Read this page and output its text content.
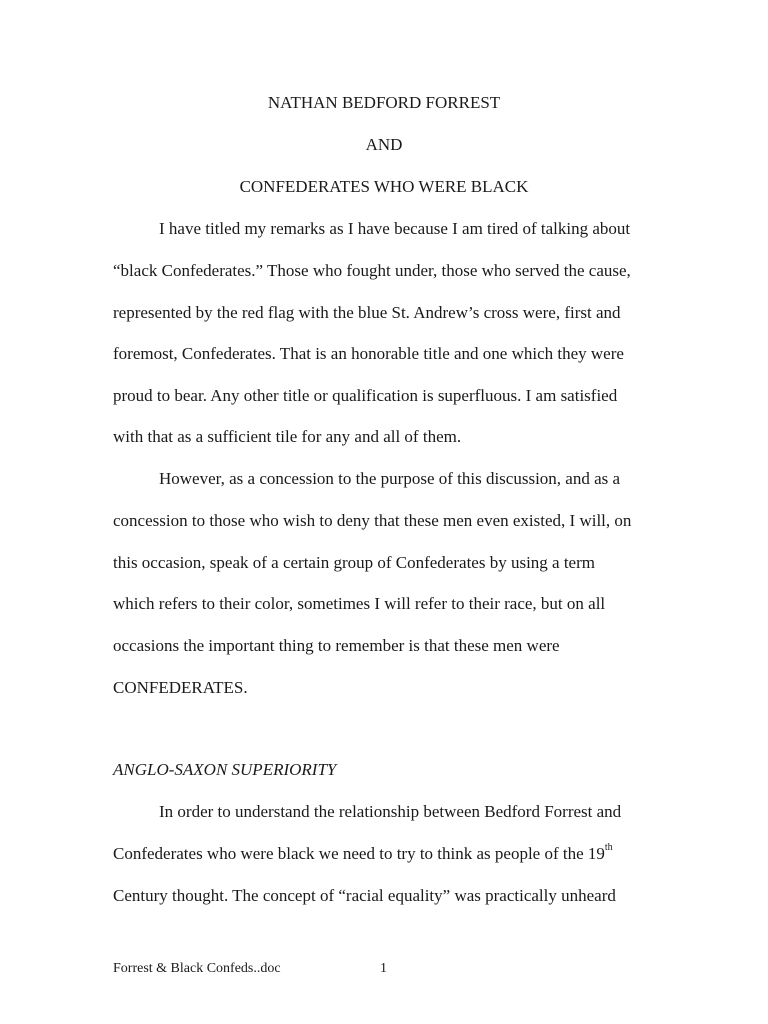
NATHAN BEDFORD FORREST
AND
CONFEDERATES WHO WERE BLACK
I have titled my remarks as I have because I am tired of talking about
“black Confederates.” Those who fought under, those who served the cause,
represented by the red flag with the blue St. Andrew’s cross were, first and
foremost, Confederates. That is an honorable title and one which they were
proud to bear. Any other title or qualification is superfluous. I am satisfied
with that as a sufficient tile for any and all of them.
However, as a concession to the purpose of this discussion, and as a
concession to those who wish to deny that these men even existed, I will, on
this occasion, speak of a certain group of Confederates by using a term
which refers to their color, sometimes I will refer to their race, but on all
occasions the important thing to remember is that these men were
CONFEDERATES.
ANGLO-SAXON SUPERIORITY
In order to understand the relationship between Bedford Forrest and
Confederates who were black we need to try to think as people of the 19th
Century thought. The concept of “racial equality” was practically unheard
Forrest & Black Confeds..doc	1
